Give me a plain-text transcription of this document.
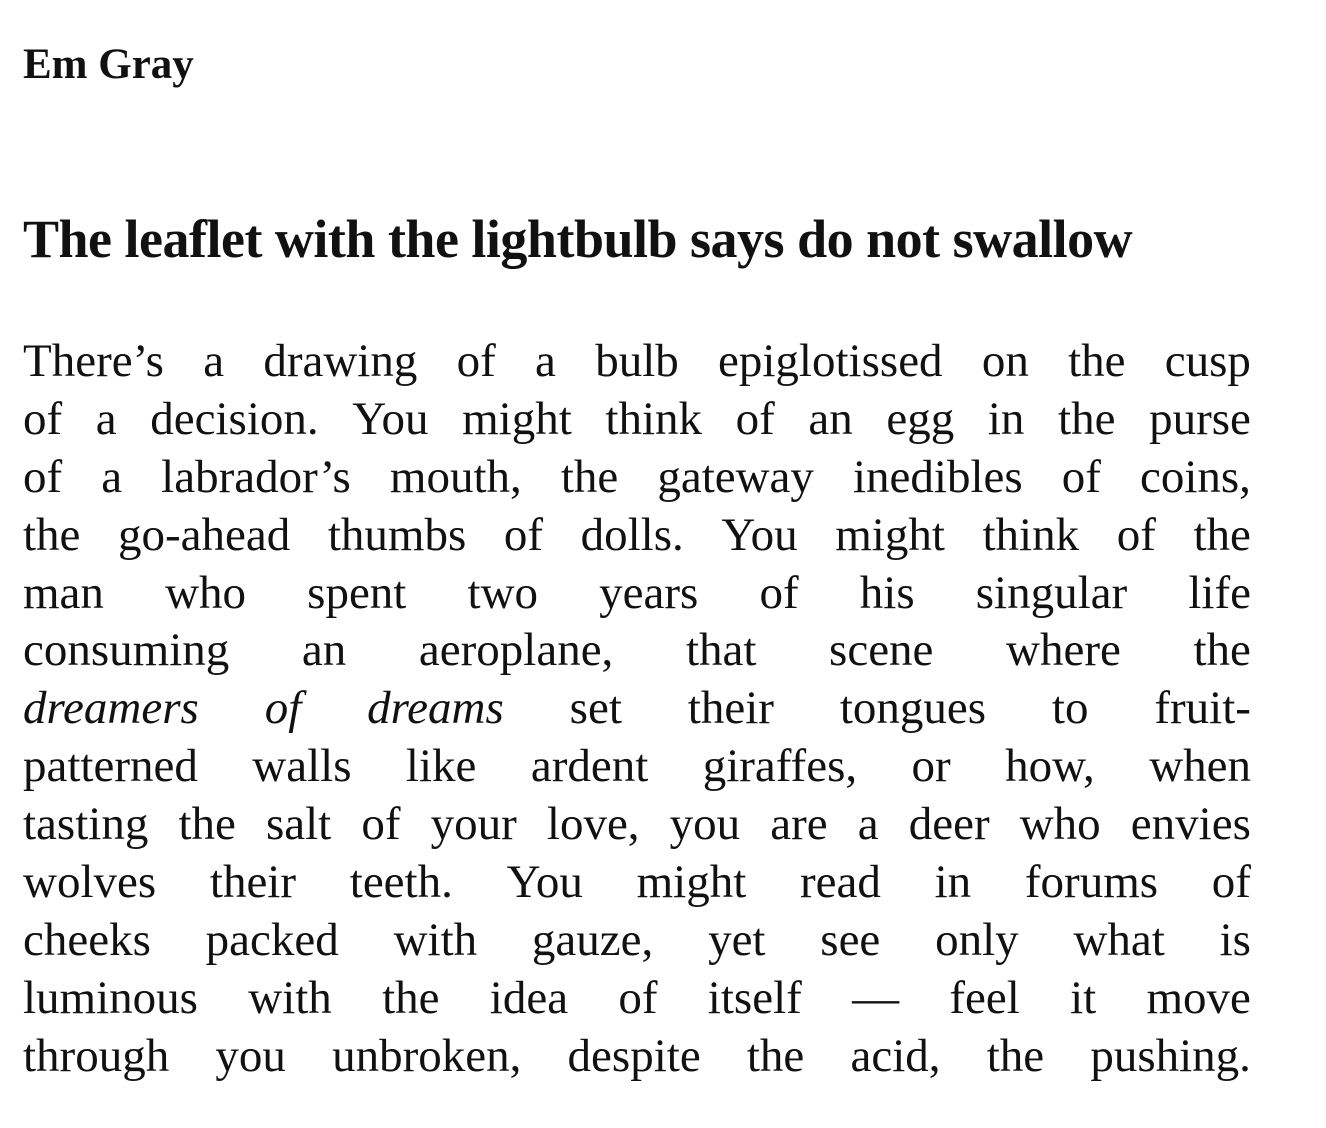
Em Gray
The leaflet with the lightbulb says do not swallow
There’s a drawing of a bulb epiglotissed on the cusp
of a decision. You might think of an egg in the purse
of a labrador’s mouth, the gateway inedibles of coins,
the go-ahead thumbs of dolls. You might think of the
man who spent two years of his singular life
consuming an aeroplane, that scene where the
dreamers of dreams set their tongues to fruit-
patterned walls like ardent giraffes, or how, when
tasting the salt of your love, you are a deer who envies
wolves their teeth. You might read in forums of
cheeks packed with gauze, yet see only what is
luminous with the idea of itself — feel it move
through you unbroken, despite the acid, the pushing.
